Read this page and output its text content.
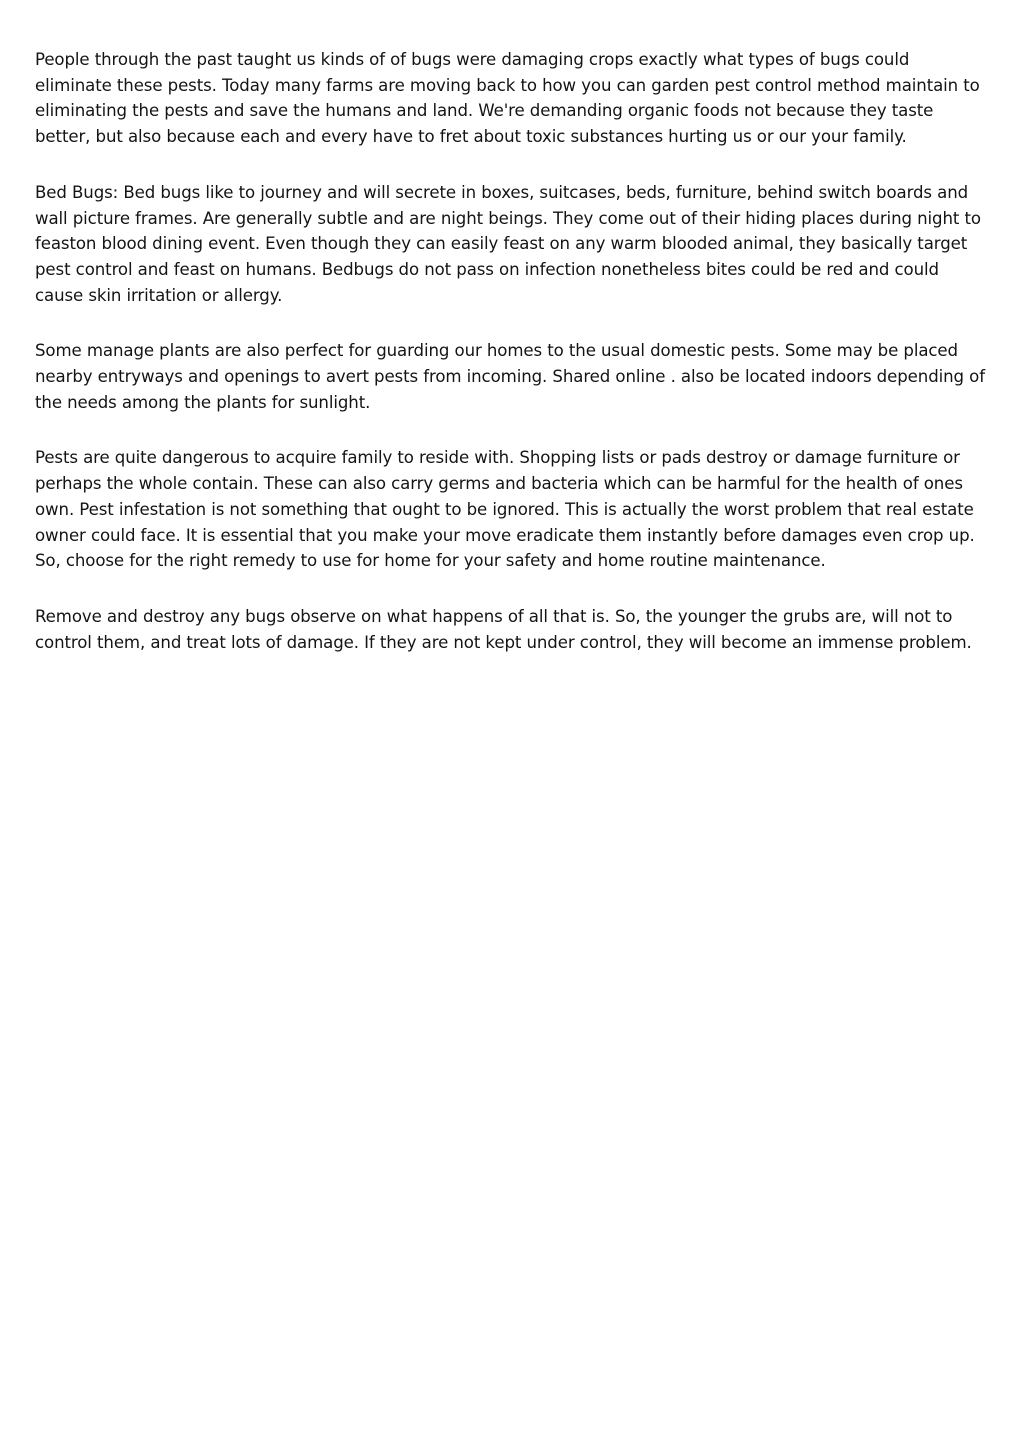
People through the past taught us kinds of of bugs were damaging crops exactly what types of bugs could eliminate these pests. Today many farms are moving back to how you can garden pest control method maintain to eliminating the pests and save the humans and land. We're demanding organic foods not because they taste better, but also because each and every have to fret about toxic substances hurting us or our your family.

Bed Bugs: Bed bugs like to journey and will secrete in boxes, suitcases, beds, furniture, behind switch boards and wall picture frames. Are generally subtle and are night beings. They come out of their hiding places during night to feaston blood dining event. Even though they can easily feast on any warm blooded animal, they basically target pest control and feast on humans. Bedbugs do not pass on infection nonetheless bites could be red and could cause skin irritation or allergy.

Some manage plants are also perfect for guarding our homes to the usual domestic pests. Some may be placed nearby entryways and openings to avert pests from incoming. Shared online . also be located indoors depending of the needs among the plants for sunlight.

Pests are quite dangerous to acquire family to reside with. Shopping lists or pads destroy or damage furniture or perhaps the whole contain. These can also carry germs and bacteria which can be harmful for the health of ones own. Pest infestation is not something that ought to be ignored. This is actually the worst problem that real estate owner could face. It is essential that you make your move eradicate them instantly before damages even crop up. So, choose for the right remedy to use for home for your safety and home routine maintenance.

Remove and destroy any bugs observe on what happens of all that is. So, the younger the grubs are, will not to control them, and treat lots of damage. If they are not kept under control, they will become an immense problem.
